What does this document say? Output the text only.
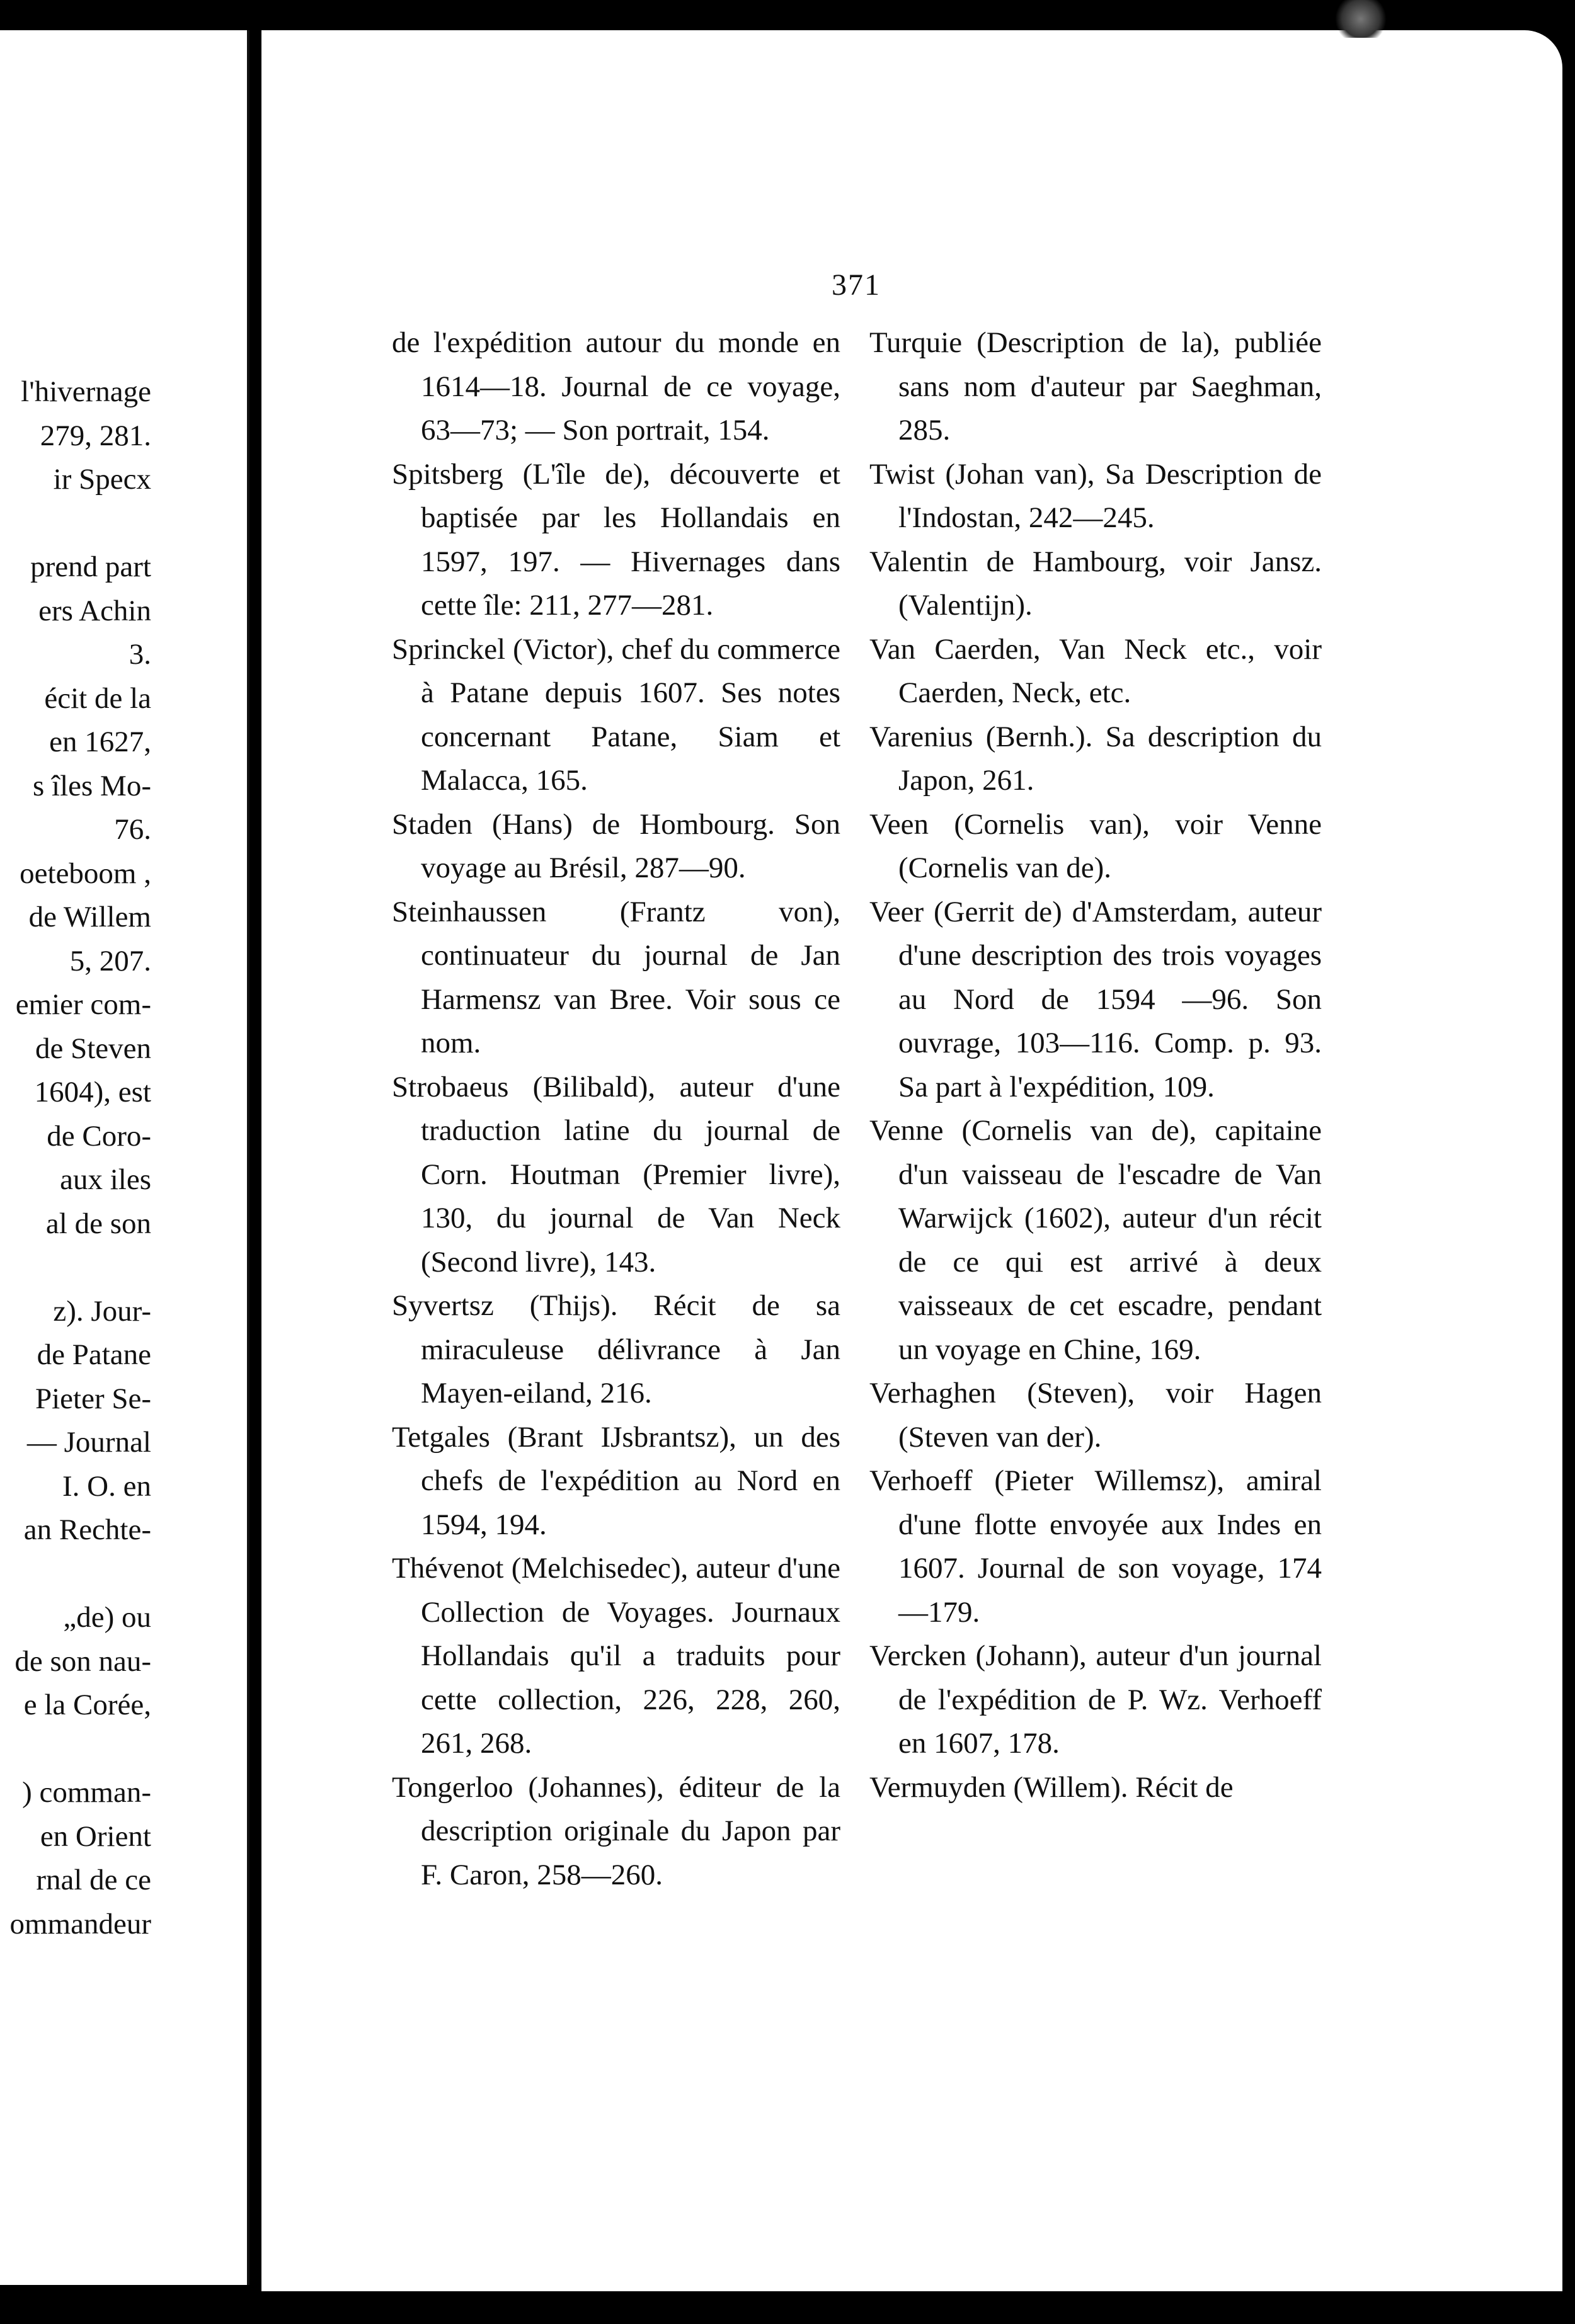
l'hivernage
279, 281.
ir Specx

prend part
ers Achin
3.
écit de la
en 1627,
s îles Mo-
76.
oeteboom ,
de Willem
5, 207.
emier com-
de Steven
1604), est
de Coro-
aux iles
al de son

z). Jour-
de Patane
Pieter Se-
— Journal
I. O. en
an Rechte-

„de) ou
de son nau-
e la Corée,

) comman-
en Orient
rnal de ce
ommandeur
371
de l'expédition autour du monde en 1614—18. Journal de ce voyage, 63—73; — Son portrait, 154.
Spitsberg (L'île de), découverte et baptisée par les Hollandais en 1597, 197. — Hivernages dans cette île: 211, 277—281.
Sprinckel (Victor), chef du commerce à Patane depuis 1607. Ses notes concernant Patane, Siam et Malacca, 165.
Staden (Hans) de Hombourg. Son voyage au Brésil, 287—90.
Steinhaussen (Frantz von), continuateur du journal de Jan Harmensz van Bree. Voir sous ce nom.
Strobaeus (Bilibald), auteur d'une traduction latine du journal de Corn. Houtman (Premier livre), 130, du journal de Van Neck (Second livre), 143.
Syvertsz (Thijs). Récit de sa miraculeuse délivrance à Jan Mayen-eiland, 216.
Tetgales (Brant IJsbrantsz), un des chefs de l'expédition au Nord en 1594, 194.
Thévenot (Melchisedec), auteur d'une Collection de Voyages. Journaux Hollandais qu'il a traduits pour cette collection, 226, 228, 260, 261, 268.
Tongerloo (Johannes), éditeur de la description originale du Japon par F. Caron, 258—260.
Turquie (Description de la), publiée sans nom d'auteur par Saeghman, 285.
Twist (Johan van), Sa Description de l'Indostan, 242—245.
Valentin de Hambourg, voir Jansz. (Valentijn).
Van Caerden, Van Neck etc., voir Caerden, Neck, etc.
Varenius (Bernh.). Sa description du Japon, 261.
Veen (Cornelis van), voir Venne (Cornelis van de).
Veer (Gerrit de) d'Amsterdam, auteur d'une description des trois voyages au Nord de 1594 —96. Son ouvrage, 103—116. Comp. p. 93. Sa part à l'expédition, 109.
Venne (Cornelis van de), capitaine d'un vaisseau de l'escadre de Van Warwijck (1602), auteur d'un récit de ce qui est arrivé à deux vaisseaux de cet escadre, pendant un voyage en Chine, 169.
Verhaghen (Steven), voir Hagen (Steven van der).
Verhoeff (Pieter Willemsz), amiral d'une flotte envoyée aux Indes en 1607. Journal de son voyage, 174—179.
Vercken (Johann), auteur d'un journal de l'expédition de P. Wz. Verhoeff en 1607, 178.
Vermuyden (Willem). Récit de
